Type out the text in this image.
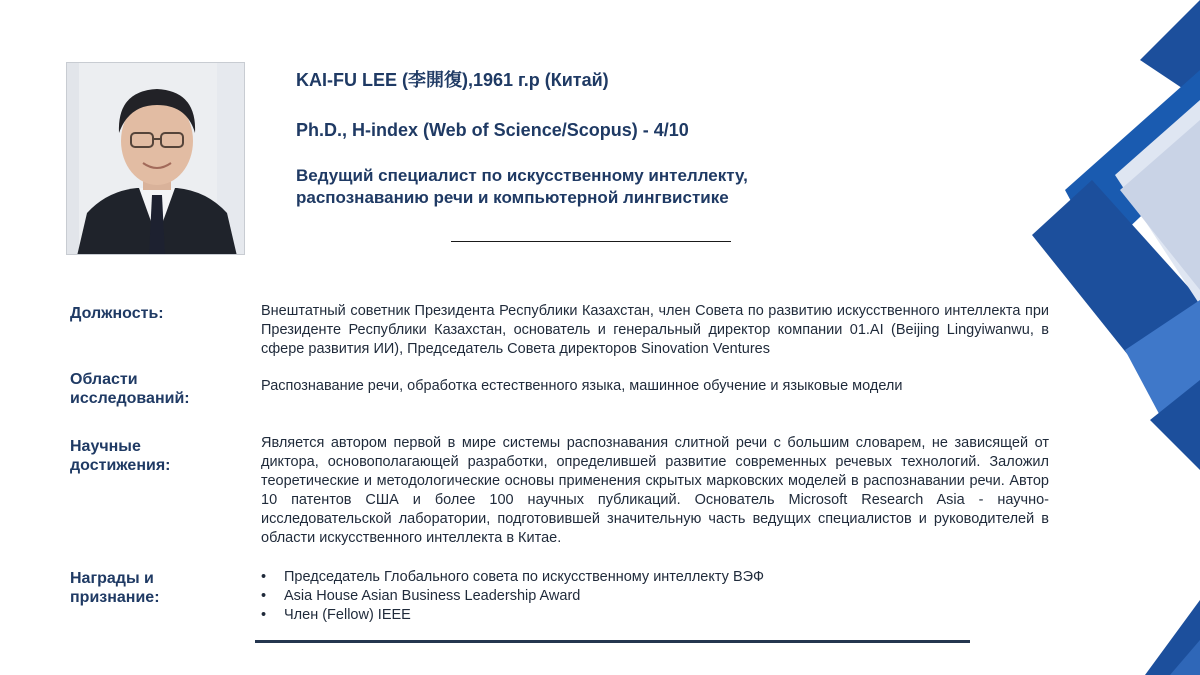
KAI-FU LEE (李開復),1961 г.р (Китай)

Ph.D., H-index (Web of Science/Scopus) - 4/10
Ведущий специалист по искусственному интеллекту,
распознаванию речи и компьютерной лингвистике
Должность:	Внештатный советник Президента Республики Казахстан, член Совета по развитию искусственного интеллекта при Президенте Республики Казахстан, основатель и генеральный директор компании 01.AI (Beijing Lingyiwanwu, в сфере развития ИИ), Председатель Совета директоров Sinovation Ventures
Области
исследований:
Распознавание речи, обработка естественного языка, машинное обучение и языковые модели
Научные
достижения:
Является автором первой в мире системы распознавания слитной речи с большим словарем, не зависящей от диктора, основополагающей разработки, определившей развитие современных речевых технологий. Заложил теоретические и методологические основы применения скрытых марковских моделей в распознавании речи. Автор 10 патентов США и более 100 научных публикаций. Основатель Microsoft Research Asia - научно-исследовательской лаборатории, подготовившей значительную часть ведущих специалистов и руководителей в области искусственного интеллекта в Китае.
Награды и
признание:
• Председатель Глобального совета по искусственному интеллекту ВЭФ
• Asia House Asian Business Leadership Award
• Член (Fellow) IEEE
